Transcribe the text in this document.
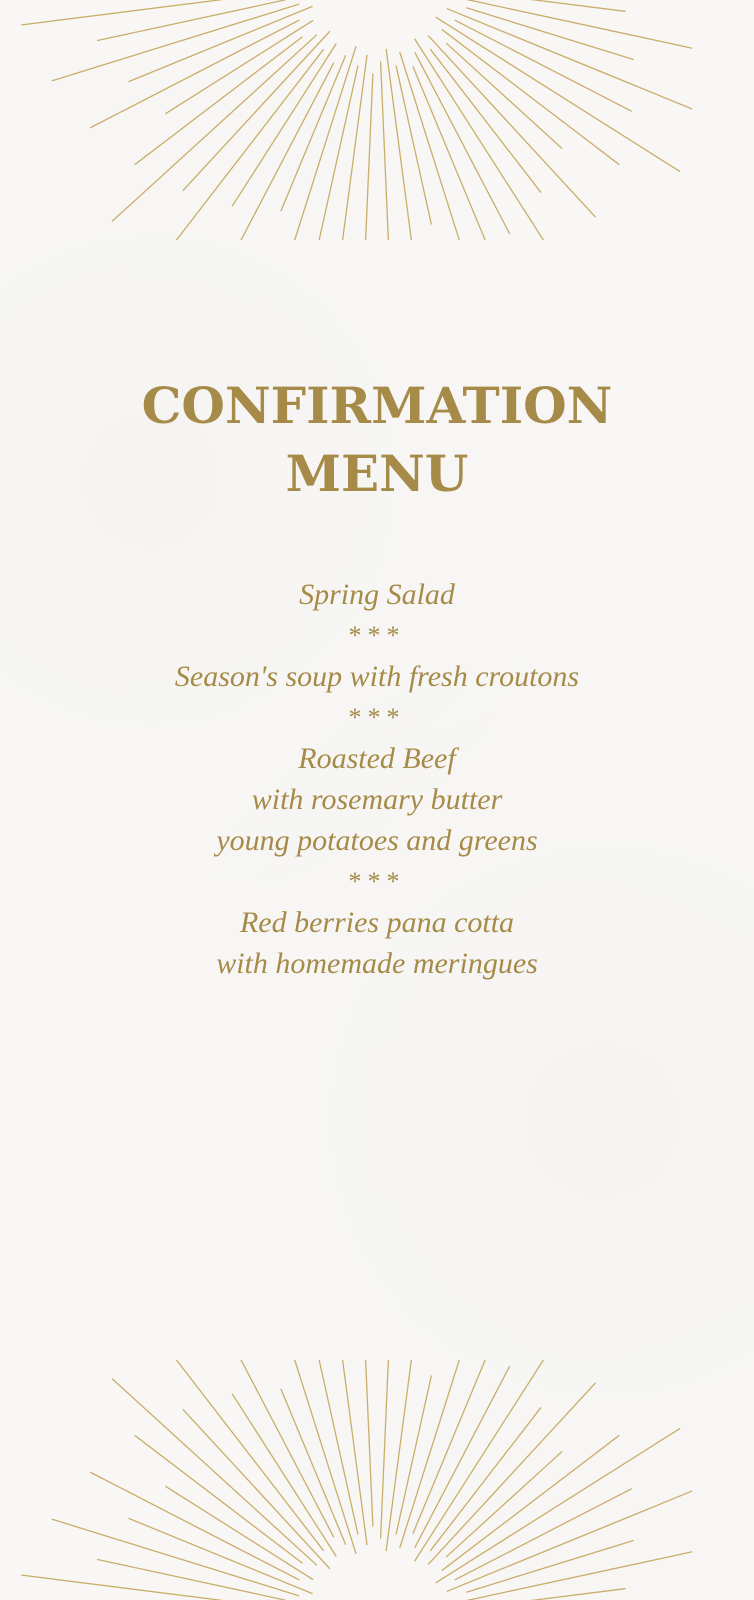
CONFIRMATION
MENU
Spring Salad
***
Season's soup with fresh croutons
***
Roasted Beef
with rosemary butter
young potatoes and greens
***
Red berries pana cotta
with homemade meringues
